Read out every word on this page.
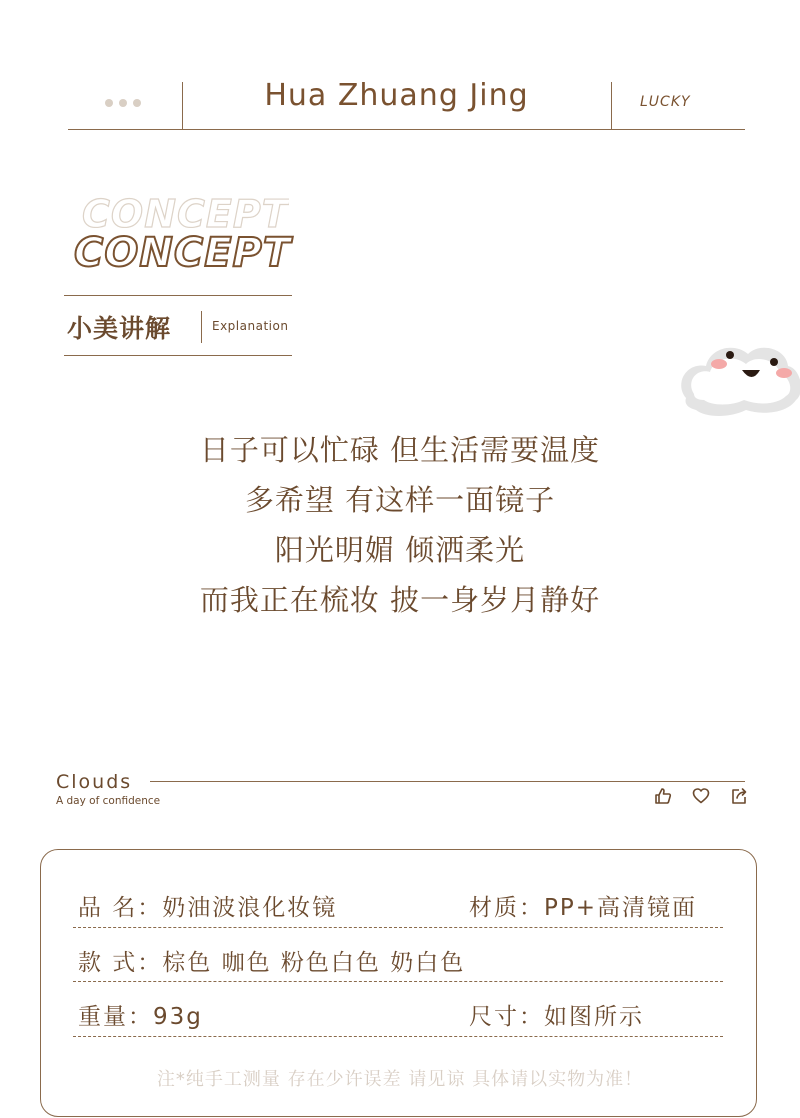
Hua Zhuang Jing	LUCKY
CONCEPT
CONCEPT
小美讲解	Explanation
日子可以忙碌 但生活需要温度
多希望 有这样一面镜子
阳光明媚 倾洒柔光
而我正在梳妆 披一身岁月静好
Clouds
A day of confidence
品 名：奶油波浪化妆镜	材质：PP+高清镜面
款 式：棕色 咖色 粉色白色 奶白色
重量：93g	尺寸：如图所示
注*纯手工测量 存在少许误差 请见谅 具体请以实物为准！
